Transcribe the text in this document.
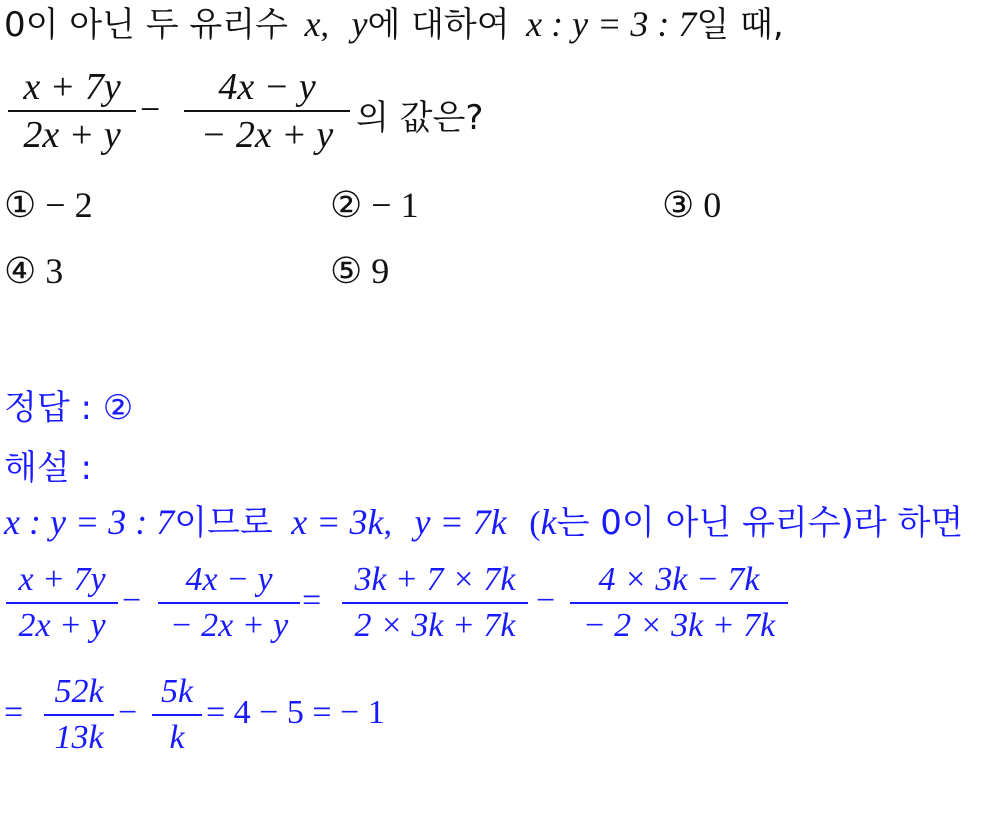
0이 아닌 두 유리수 x, y에 대하여 x : y = 3 : 7일 때,
x + 7y
2x + y
−
4x − y
− 2x + y 의 값은?
① − 2	② − 1	③ 0
④ 3	⑤ 9
정답 : ②
해설 :
x : y = 3 : 7이므로 x = 3k, y = 7k (k는 0이 아닌 유리수)라 하면
x + 7y
2x + y
−
4x − y
− 2x + y
=
3k + 7 × 7k
2 × 3k + 7k
−
4 × 3k − 7k
− 2 × 3k + 7k
=
52k
13k
−
5k
k
= 4 − 5 = − 1
